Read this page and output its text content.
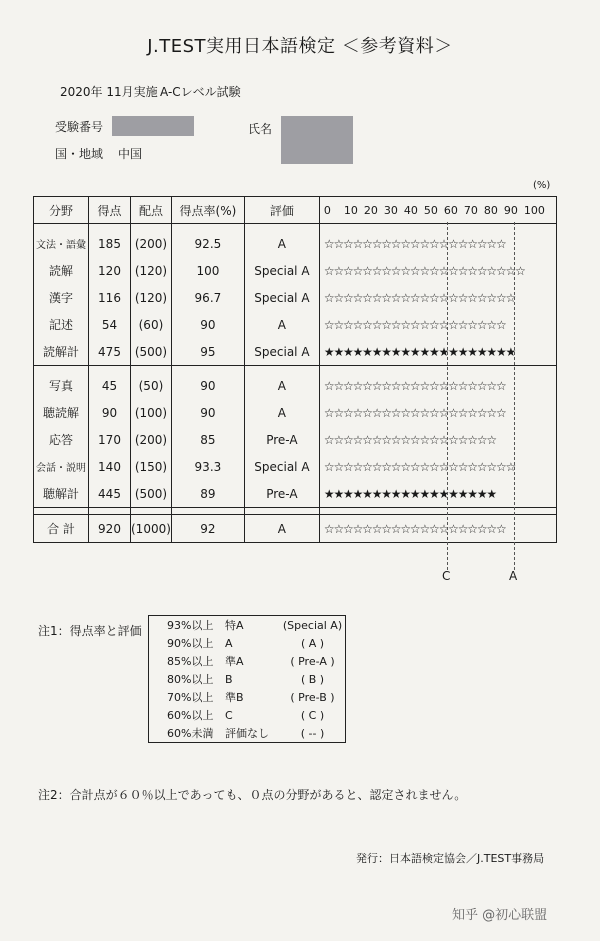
J.TEST実用日本語検定 ＜参考資料＞
2020年 11月実施 A-Cレベル試験
受験番号	氏名
国・地域 中国
(%)
分野	得点	配点	得点率(%)	評価	0 10 20 30 40 50 60 70 80 90 100

文法・語彙	185	(200)	92.5	A	☆☆☆☆☆☆☆☆☆☆☆☆☆☆☆☆☆☆☆
読解	120	(120)	100	Special A	☆☆☆☆☆☆☆☆☆☆☆☆☆☆☆☆☆☆☆☆☆
漢字	116	(120)	96.7	Special A	☆☆☆☆☆☆☆☆☆☆☆☆☆☆☆☆☆☆☆☆
記述	54	(60)	90	A	☆☆☆☆☆☆☆☆☆☆☆☆☆☆☆☆☆☆☆
読解計	475	(500)	95	Special A	★★★★★★★★★★★★★★★★★★★★

写真	45	(50)	90	A	☆☆☆☆☆☆☆☆☆☆☆☆☆☆☆☆☆☆☆
聴読解	90	(100)	90	A	☆☆☆☆☆☆☆☆☆☆☆☆☆☆☆☆☆☆☆
応答	170	(200)	85	Pre-A	☆☆☆☆☆☆☆☆☆☆☆☆☆☆☆☆☆☆
会話・説明	140	(150)	93.3	Special A	☆☆☆☆☆☆☆☆☆☆☆☆☆☆☆☆☆☆☆☆
聴解計	445	(500)	89	Pre-A	★★★★★★★★★★★★★★★★★★

合 計	920	(1000)	92	A	☆☆☆☆☆☆☆☆☆☆☆☆☆☆☆☆☆☆☆
C	A
注1：得点率と評価	93%以上	特A	(Special A)
90%以上	A	( A )
85%以上	準A	( Pre-A )
80%以上	B	( B )
70%以上	準B	( Pre-B )
60%以上	C	( C )
60%未満	評価なし	( -- )
注2：合計点が６０％以上であっても、０点の分野があると、認定されません。
発行：日本語検定協会／J.TEST事務局
知乎 @初心联盟
